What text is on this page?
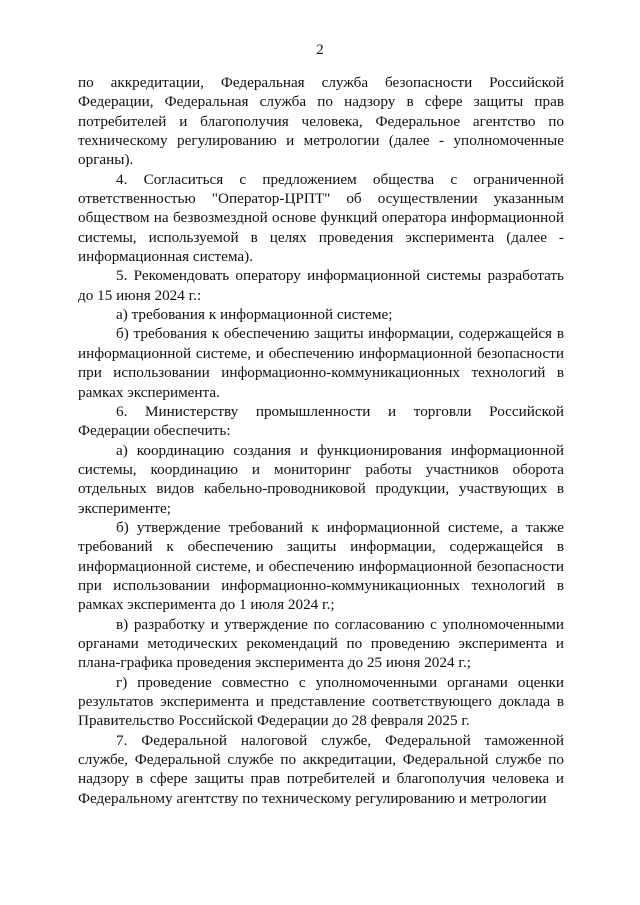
2

по аккредитации, Федеральная служба безопасности Российской Федерации, Федеральная служба по надзору в сфере защиты прав потребителей и благополучия человека, Федеральное агентство по техническому регулированию и метрологии (далее - уполномоченные органы).

4. Согласиться с предложением общества с ограниченной ответственностью "Оператор-ЦРПТ" об осуществлении указанным обществом на безвозмездной основе функций оператора информационной системы, используемой в целях проведения эксперимента (далее - информационная система).

5. Рекомендовать оператору информационной системы разработать до 15 июня 2024 г.:

а) требования к информационной системе;

б) требования к обеспечению защиты информации, содержащейся в информационной системе, и обеспечению информационной безопасности при использовании информационно-коммуникационных технологий в рамках эксперимента.

6. Министерству промышленности и торговли Российской Федерации обеспечить:

а) координацию создания и функционирования информационной системы, координацию и мониторинг работы участников оборота отдельных видов кабельно-проводниковой продукции, участвующих в эксперименте;

б) утверждение требований к информационной системе, а также требований к обеспечению защиты информации, содержащейся в информационной системе, и обеспечению информационной безопасности при использовании информационно-коммуникационных технологий в рамках эксперимента до 1 июля 2024 г.;

в) разработку и утверждение по согласованию с уполномоченными органами методических рекомендаций по проведению эксперимента и плана-графика проведения эксперимента до 25 июня 2024 г.;

г) проведение совместно с уполномоченными органами оценки результатов эксперимента и представление соответствующего доклада в Правительство Российской Федерации до 28 февраля 2025 г.

7. Федеральной налоговой службе, Федеральной таможенной службе, Федеральной службе по аккредитации, Федеральной службе по надзору в сфере защиты прав потребителей и благополучия человека и Федеральному агентству по техническому регулированию и метрологии
